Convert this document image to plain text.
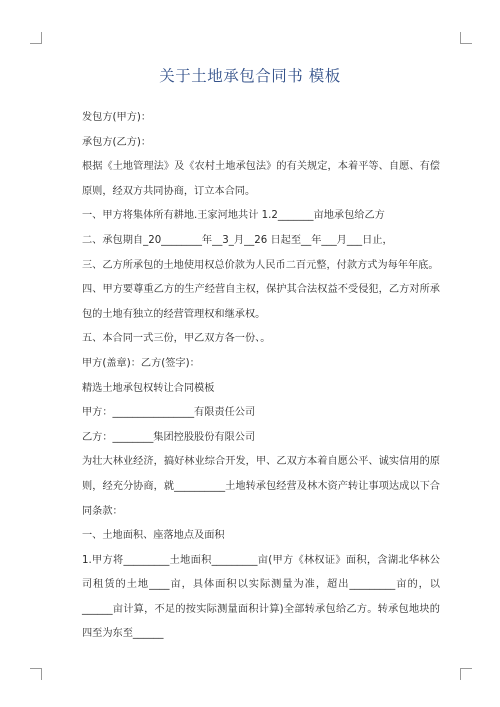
关于土地承包合同书 模板

发包方(甲方)：

承包方(乙方)：

根据《土地管理法》及《农村土地承包法》的有关规定，本着平等、自愿、有偿原则，经双方共同协商，订立本合同。

一、甲方将集体所有耕地.王家河地共计 1.2_______亩地承包给乙方

二、承包期自_20________年__3_月__26 日起至__年___月___日止，

三、乙方所承包的土地使用权总价款为人民币二百元整，付款方式为每年年底。

四、甲方要尊重乙方的生产经营自主权，保护其合法权益不受侵犯，乙方对所承包的土地有独立的经营管理权和继承权。

五、本合同一式三份，甲乙双方各一份、。

甲方(盖章)：乙方(签字)：

精选土地承包权转让合同模板

甲方：________________有限责任公司

乙方：________集团控股股份有限公司

为壮大林业经济，搞好林业综合开发，甲、乙双方本着自愿公平、诚实信用的原则，经充分协商，就__________土地转承包经营及林木资产转让事项达成以下合同条款：

一、土地面积、座落地点及面积

1.甲方将_________土地面积_________亩(甲方《林权证》面积，含湖北华林公司租赁的土地____亩，具体面积以实际测量为准，超出_________亩的，以______亩计算，不足的按实际测量面积计算)全部转承包给乙方。转承包地块的四至为东至______
